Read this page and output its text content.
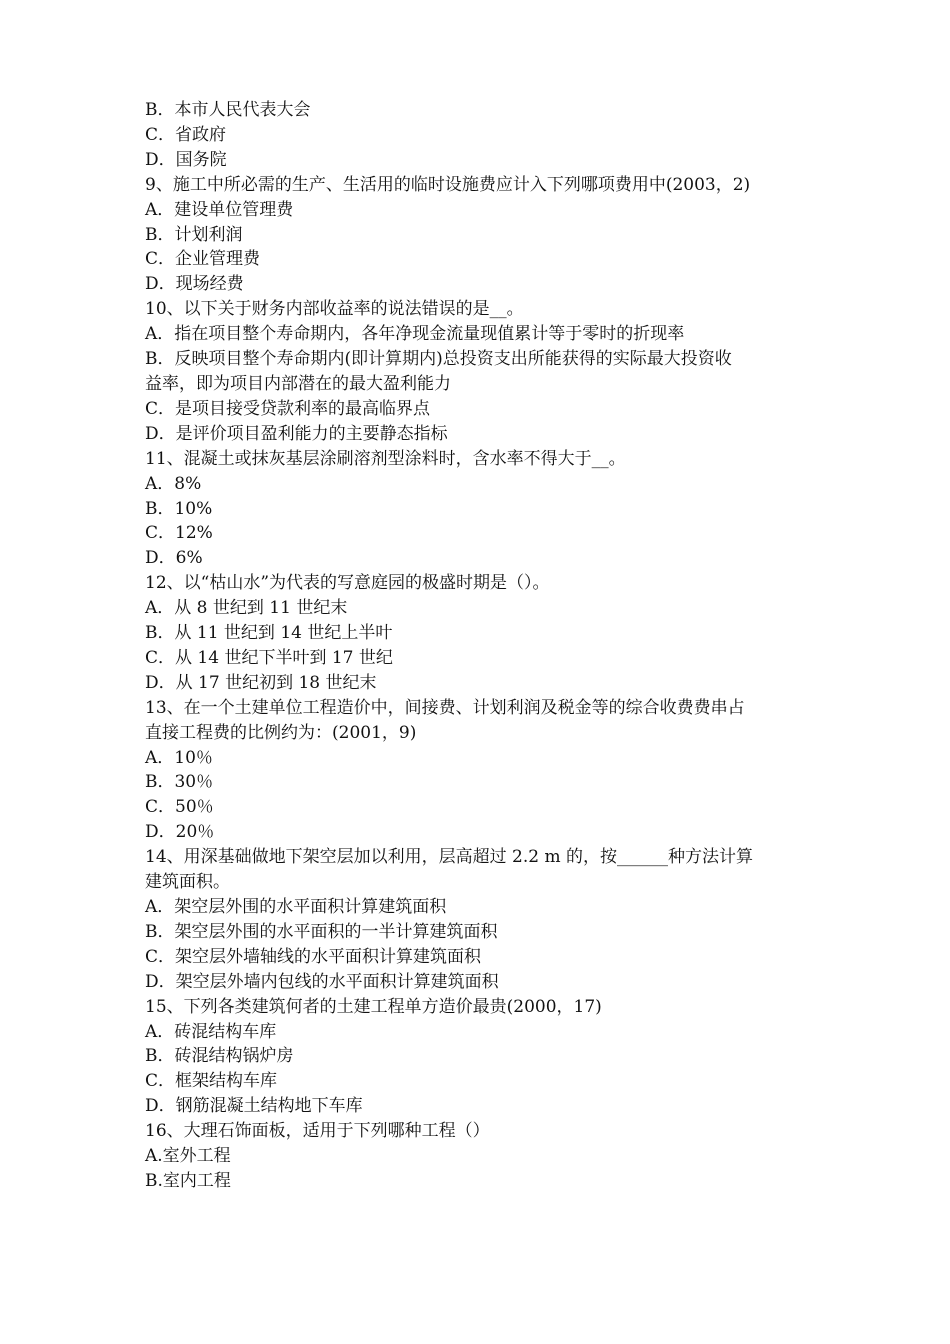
B．本市人民代表大会

C．省政府

D．国务院

9、施工中所必需的生产、生活用的临时设施费应计入下列哪项费用中(2003，2)

A．建设单位管理费

B．计划利润

C．企业管理费

D．现场经费

10、以下关于财务内部收益率的说法错误的是__。

A．指在项目整个寿命期内，各年净现金流量现值累计等于零时的折现率

B．反映项目整个寿命期内(即计算期内)总投资支出所能获得的实际最大投资收

益率，即为项目内部潜在的最大盈利能力

C．是项目接受贷款利率的最高临界点

D．是评价项目盈利能力的主要静态指标

11、混凝土或抹灰基层涂刷溶剂型涂料时，含水率不得大于__。

A．8%

B．10%

C．12%

D．6%

12、以“枯山水”为代表的写意庭园的极盛时期是（）。

A．从 8 世纪到 11 世纪末

B．从 11 世纪到 14 世纪上半叶

C．从 14 世纪下半叶到 17 世纪

D．从 17 世纪初到 18 世纪末

13、在一个土建单位工程造价中，间接费、计划利润及税金等的综合收费费串占

直接工程费的比例约为：(2001，9)

A．10％

B．30％

C．50％

D．20％

14、用深基础做地下架空层加以利用，层高超过 2.2 m 的，按______种方法计算

建筑面积。

A．架空层外围的水平面积计算建筑面积

B．架空层外围的水平面积的一半计算建筑面积

C．架空层外墙轴线的水平面积计算建筑面积

D．架空层外墙内包线的水平面积计算建筑面积

15、下列各类建筑何者的土建工程单方造价最贵(2000，17)

A．砖混结构车库

B．砖混结构锅炉房

C．框架结构车库

D．钢筋混凝土结构地下车库

16、大理石饰面板，适用于下列哪种工程（）

A.室外工程

B.室内工程
